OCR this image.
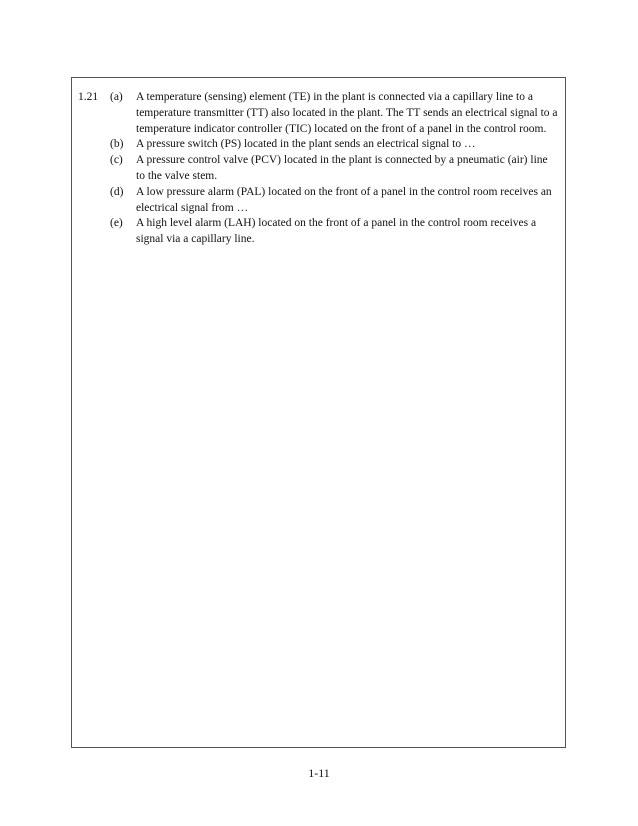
1.21	(a)	A temperature (sensing) element (TE) in the plant is connected via a capillary line to a temperature transmitter (TT) also located in the plant. The TT sends an electrical signal to a temperature indicator controller (TIC) located on the front of a panel in the control room.
(b)	A pressure switch (PS) located in the plant sends an electrical signal to …
(c)	A pressure control valve (PCV) located in the plant is connected by a pneumatic (air) line to the valve stem.
(d)	A low pressure alarm (PAL) located on the front of a panel in the control room receives an electrical signal from …
(e)	A high level alarm (LAH) located on the front of a panel in the control room receives a signal via a capillary line.
1-11
